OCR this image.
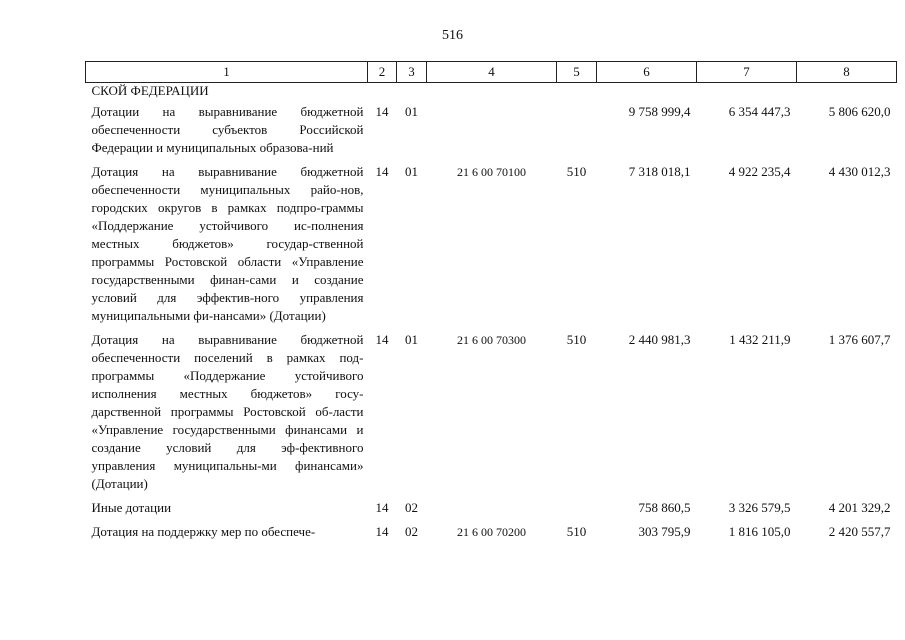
516
1	2	3	4	5	6	7	8
СКОЙ ФЕДЕРАЦИИ							
Дотации на выравнивание бюджетной обеспеченности субъектов Российской Федерации и муниципальных образова-ний	14	01			9 758 999,4	6 354 447,3	5 806 620,0
Дотация на выравнивание бюджетной обеспеченности муниципальных райо-нов, городских округов в рамках подпро-граммы «Поддержание устойчивого ис-полнения местных бюджетов» государ-ственной программы Ростовской области «Управление государственными финан-сами и создание условий для эффектив-ного управления муниципальными фи-нансами» (Дотации)	14	01	21 6 00 70100	510	7 318 018,1	4 922 235,4	4 430 012,3
Дотация на выравнивание бюджетной обеспеченности поселений в рамках под-программы «Поддержание устойчивого исполнения местных бюджетов» госу-дарственной программы Ростовской об-ласти «Управление государственными финансами и создание условий для эф-фективного управления муниципальны-ми финансами» (Дотации)	14	01	21 6 00 70300	510	2 440 981,3	1 432 211,9	1 376 607,7
Иные дотации	14	02			758 860,5	3 326 579,5	4 201 329,2
Дотация на поддержку мер по обеспече-	14	02	21 6 00 70200	510	303 795,9	1 816 105,0	2 420 557,7
